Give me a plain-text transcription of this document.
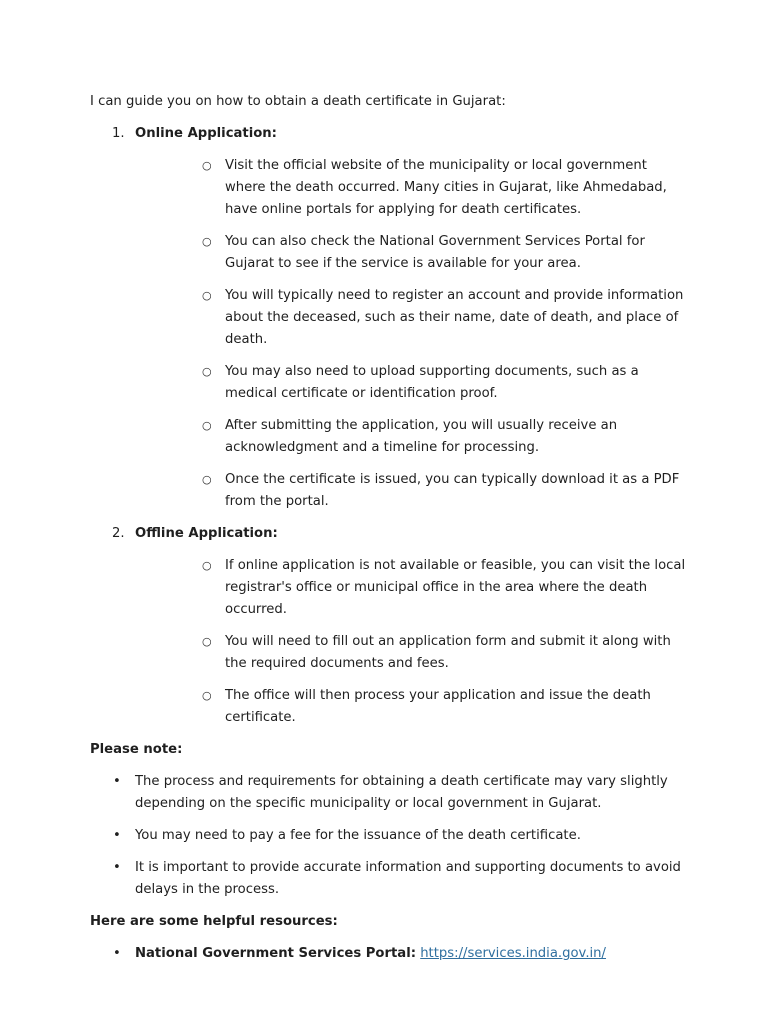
I can guide you on how to obtain a death certificate in Gujarat:

1. Online Application:
○ Visit the official website of the municipality or local government where the death occurred. Many cities in Gujarat, like Ahmedabad, have online portals for applying for death certificates.
○ You can also check the National Government Services Portal for Gujarat to see if the service is available for your area.
○ You will typically need to register an account and provide information about the deceased, such as their name, date of death, and place of death.
○ You may also need to upload supporting documents, such as a medical certificate or identification proof.
○ After submitting the application, you will usually receive an acknowledgment and a timeline for processing.
○ Once the certificate is issued, you can typically download it as a PDF from the portal.
2. Offline Application:
○ If online application is not available or feasible, you can visit the local registrar's office or municipal office in the area where the death occurred.
○ You will need to fill out an application form and submit it along with the required documents and fees.
○ The office will then process your application and issue the death certificate.

Please note:

• The process and requirements for obtaining a death certificate may vary slightly depending on the specific municipality or local government in Gujarat.
• You may need to pay a fee for the issuance of the death certificate.
• It is important to provide accurate information and supporting documents to avoid delays in the process.

Here are some helpful resources:

• National Government Services Portal: https://services.india.gov.in/
